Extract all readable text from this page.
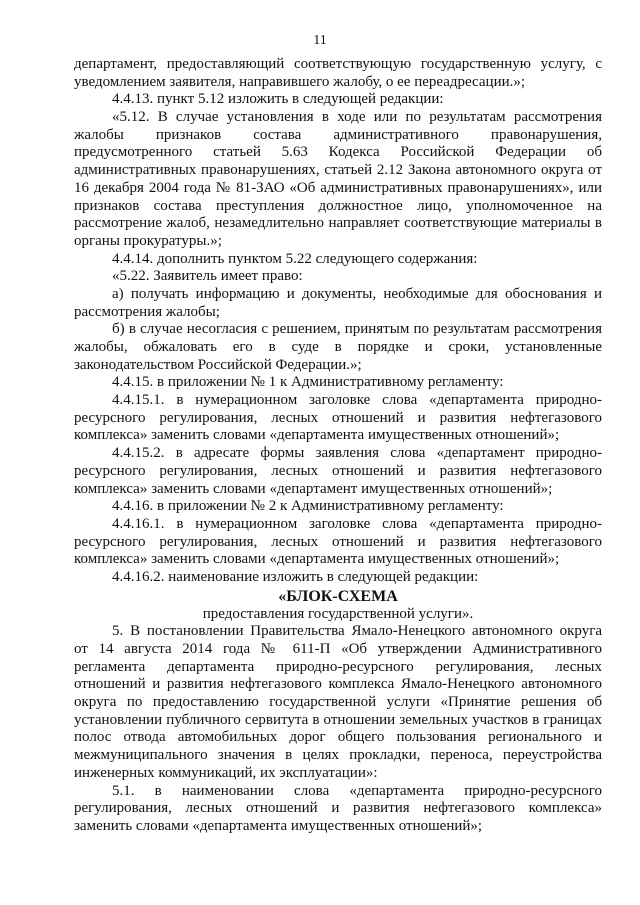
11
департамент, предоставляющий соответствующую государственную услугу, с
уведомлением заявителя, направившего жалобу, о ее переадресации.»;
4.4.13. пункт 5.12 изложить в следующей редакции:
«5.12. В случае установления в ходе или по результатам рассмотрения
жалобы признаков состава административного правонарушения,
предусмотренного статьей 5.63 Кодекса Российской Федерации об
административных правонарушениях, статьей 2.12 Закона автономного округа от
16 декабря 2004 года № 81-ЗАО «Об административных правонарушениях», или
признаков состава преступления должностное лицо, уполномоченное на
рассмотрение жалоб, незамедлительно направляет соответствующие материалы в
органы прокуратуры.»;
4.4.14. дополнить пунктом 5.22 следующего содержания:
«5.22. Заявитель имеет право:
а) получать информацию и документы, необходимые для обоснования и
рассмотрения жалобы;
б) в случае несогласия с решением, принятым по результатам рассмотрения
жалобы, обжаловать его в суде в порядке и сроки, установленные
законодательством Российской Федерации.»;
4.4.15. в приложении № 1 к Административному регламенту:
4.4.15.1. в нумерационном заголовке слова «департамента природно-
ресурсного регулирования, лесных отношений и развития нефтегазового
комплекса» заменить словами «департамента имущественных отношений»;
4.4.15.2. в адресате формы заявления слова «департамент природно-
ресурсного регулирования, лесных отношений и развития нефтегазового
комплекса» заменить словами «департамент имущественных отношений»;
4.4.16. в приложении № 2 к Административному регламенту:
4.4.16.1. в нумерационном заголовке слова «департамента природно-
ресурсного регулирования, лесных отношений и развития нефтегазового
комплекса» заменить словами «департамента имущественных отношений»;
4.4.16.2. наименование изложить в следующей редакции:
«БЛОК-СХЕМА
предоставления государственной услуги».
5. В постановлении Правительства Ямало-Ненецкого автономного округа
от 14 августа 2014 года № 611-П «Об утверждении Административного
регламента департамента природно-ресурсного регулирования, лесных
отношений и развития нефтегазового комплекса Ямало-Ненецкого автономного
округа по предоставлению государственной услуги «Принятие решения об
установлении публичного сервитута в отношении земельных участков в границах
полос отвода автомобильных дорог общего пользования регионального и
межмуниципального значения в целях прокладки, переноса, переустройства
инженерных коммуникаций, их эксплуатации»:
5.1. в наименовании слова «департамента природно-ресурсного
регулирования, лесных отношений и развития нефтегазового комплекса»
заменить словами «департамента имущественных отношений»;
